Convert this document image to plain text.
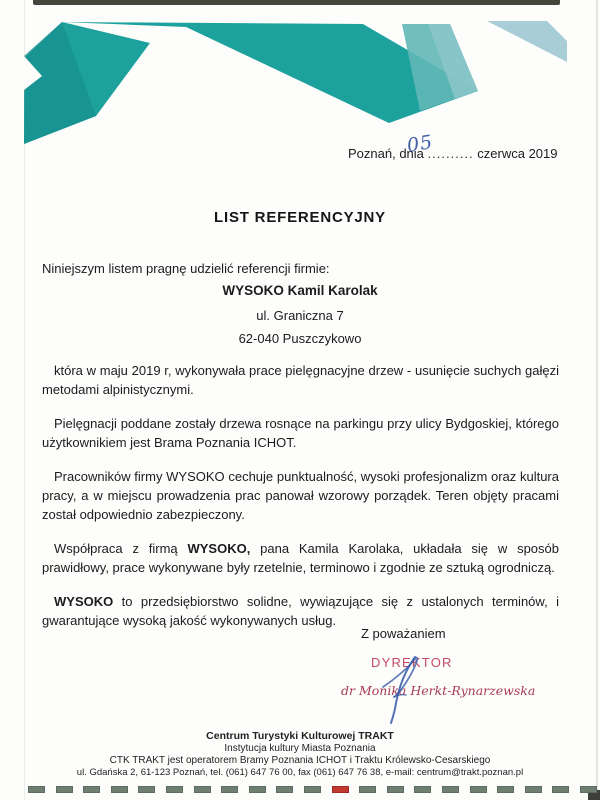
Poznań, dnia .......... czerwca 2019
05
LIST REFERENCYJNY
Niniejszym listem pragnę udzielić referencji firmie:
WYSOKO Kamil Karolak
ul. Graniczna 7
62-040 Puszczykowo

która w maju 2019 r, wykonywała prace pielęgnacyjne drzew - usunięcie suchych gałęzi metodami alpinistycznymi.

Pielęgnacji poddane zostały drzewa rosnące na parkingu przy ulicy Bydgoskiej, którego użytkownikiem jest Brama Poznania ICHOT.

Pracowników firmy WYSOKO cechuje punktualność, wysoki profesjonalizm oraz kultura pracy, a w miejscu prowadzenia prac panował wzorowy porządek. Teren objęty pracami został odpowiednio zabezpieczony.

Współpraca z firmą WYSOKO, pana Kamila Karolaka, układała się w sposób prawidłowy, prace wykonywane były rzetelnie, terminowo i zgodnie ze sztuką ogrodniczą.

WYSOKO to przedsiębiorstwo solidne, wywiązujące się z ustalonych terminów, i gwarantujące wysoką jakość wykonywanych usług.

Z poważaniem
DYREKTOR
dr Monika Herkt-Rynarzewska
Centrum Turystyki Kulturowej TRAKT
Instytucja kultury Miasta Poznania
CTK TRAKT jest operatorem Bramy Poznania ICHOT i Traktu Królewsko-Cesarskiego
ul. Gdańska 2, 61-123 Poznań, tel. (061) 647 76 00, fax (061) 647 76 38, e-mail: centrum@trakt.poznan.pl
